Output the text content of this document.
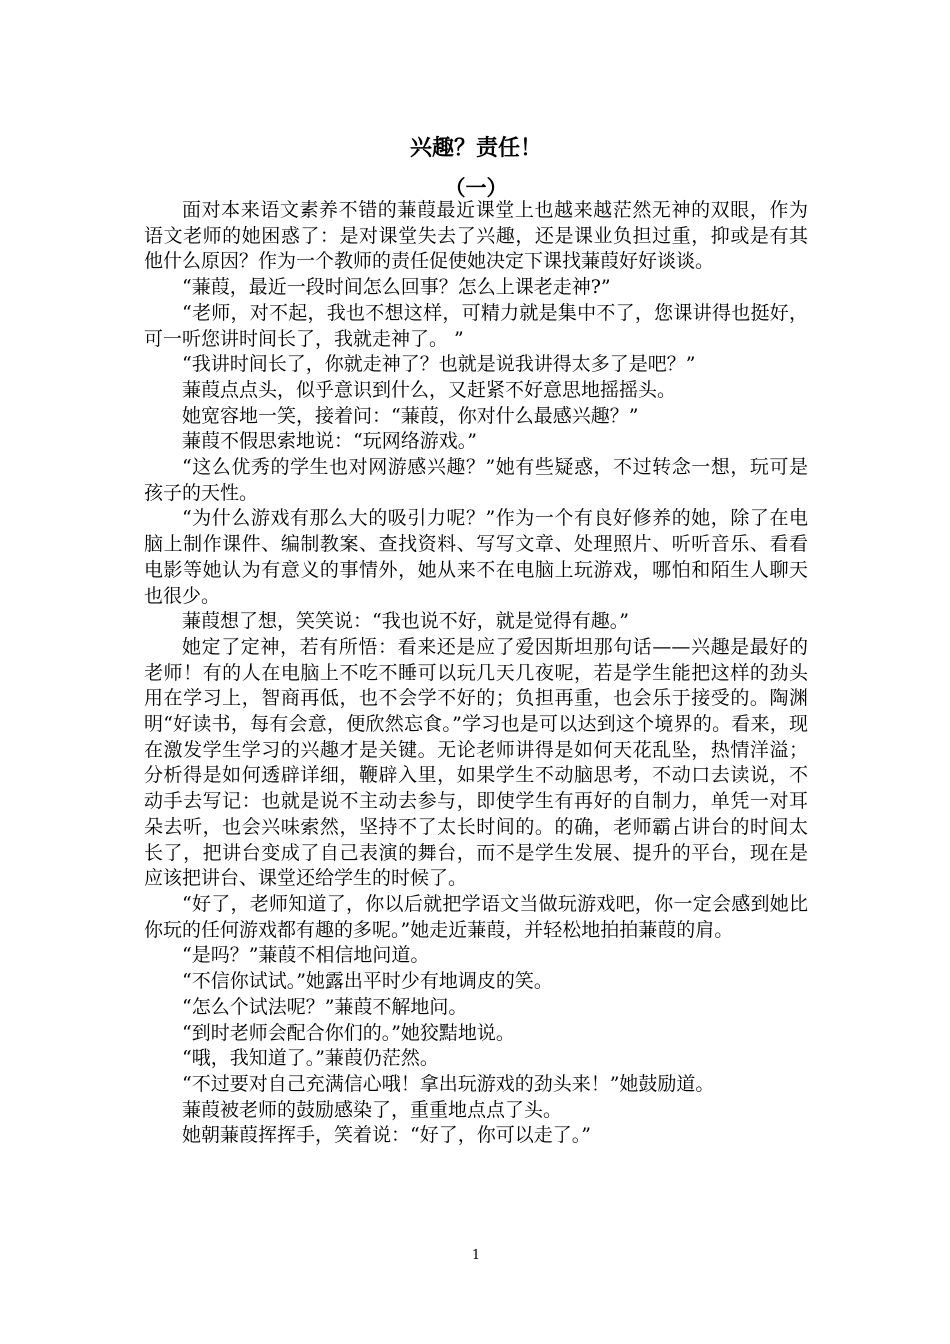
兴趣？责任！
（一）

面对本来语文素养不错的蒹葭最近课堂上也越来越茫然无神的双眼，作为语文老师的她困惑了：是对课堂失去了兴趣，还是课业负担过重，抑或是有其他什么原因？作为一个教师的责任促使她决定下课找蒹葭好好谈谈。

“蒹葭，最近一段时间怎么回事？怎么上课老走神?”

“老师，对不起，我也不想这样，可精力就是集中不了，您课讲得也挺好，可一听您讲时间长了，我就走神了。 ”

“我讲时间长了，你就走神了？也就是说我讲得太多了是吧？”

蒹葭点点头，似乎意识到什么，又赶紧不好意思地摇摇头。

她宽容地一笑，接着问：“蒹葭，你对什么最感兴趣？”

蒹葭不假思索地说：“玩网络游戏。”

“这么优秀的学生也对网游感兴趣？”她有些疑惑，不过转念一想，玩可是孩子的天性。

“为什么游戏有那么大的吸引力呢？”作为一个有良好修养的她，除了在电脑上制作课件、编制教案、查找资料、写写文章、处理照片、听听音乐、看看电影等她认为有意义的事情外，她从来不在电脑上玩游戏，哪怕和陌生人聊天也很少。

蒹葭想了想，笑笑说：“我也说不好，就是觉得有趣。”

她定了定神，若有所悟：看来还是应了爱因斯坦那句话——兴趣是最好的老师！有的人在电脑上不吃不睡可以玩几天几夜呢，若是学生能把这样的劲头用在学习上，智商再低，也不会学不好的；负担再重，也会乐于接受的。陶渊明“好读书，每有会意，便欣然忘食。”学习也是可以达到这个境界的。看来，现在激发学生学习的兴趣才是关键。无论老师讲得是如何天花乱坠，热情洋溢；分析得是如何透辟详细，鞭辟入里，如果学生不动脑思考，不动口去读说，不动手去写记：也就是说不主动去参与，即使学生有再好的自制力，单凭一对耳朵去听，也会兴味索然，坚持不了太长时间的。的确，老师霸占讲台的时间太长了，把讲台变成了自己表演的舞台，而不是学生发展、提升的平台，现在是应该把讲台、课堂还给学生的时候了。

“好了，老师知道了，你以后就把学语文当做玩游戏吧，你一定会感到她比你玩的任何游戏都有趣的多呢。”她走近蒹葭，并轻松地拍拍蒹葭的肩。

“是吗？”蒹葭不相信地问道。

“不信你试试。”她露出平时少有地调皮的笑。

“怎么个试法呢？”蒹葭不解地问。

“到时老师会配合你们的。”她狡黠地说。

“哦，我知道了。”蒹葭仍茫然。

“不过要对自己充满信心哦！拿出玩游戏的劲头来！”她鼓励道。

蒹葭被老师的鼓励感染了，重重地点点了头。

她朝蒹葭挥挥手，笑着说：“好了，你可以走了。”

1
